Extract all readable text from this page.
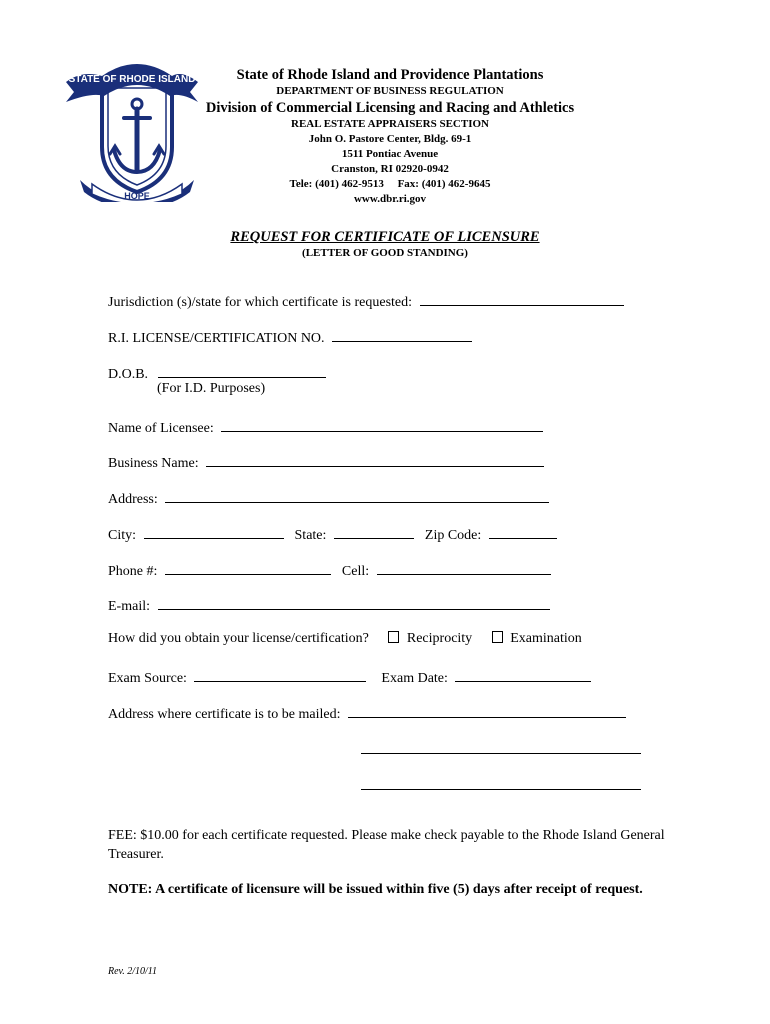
STATE OF RHODE ISLAND
HOPE
State of Rhode Island and Providence Plantations
DEPARTMENT OF BUSINESS REGULATION
Division of Commercial Licensing and Racing and Athletics
REAL ESTATE APPRAISERS SECTION
John O. Pastore Center, Bldg. 69-1
1511 Pontiac Avenue
Cranston, RI 02920-0942
Tele: (401) 462-9513     Fax: (401) 462-9645
www.dbr.ri.gov
REQUEST FOR CERTIFICATE OF LICENSURE
(LETTER OF GOOD STANDING)
Jurisdiction (s)/state for which certificate is requested:
R.I. LICENSE/CERTIFICATION NO.
D.O.B.
(For I.D. Purposes)
Name of Licensee:
Business Name:
Address:
City:	State:	Zip Code:
Phone #:	Cell:
E-mail:
How did you obtain your license/certification?	Reciprocity	Examination
Exam Source:	Exam Date:
Address where certificate is to be mailed:
FEE: $10.00 for each certificate requested. Please make check payable to the Rhode Island General Treasurer.
NOTE: A certificate of licensure will be issued within five (5) days after receipt of request.
Rev. 2/10/11
